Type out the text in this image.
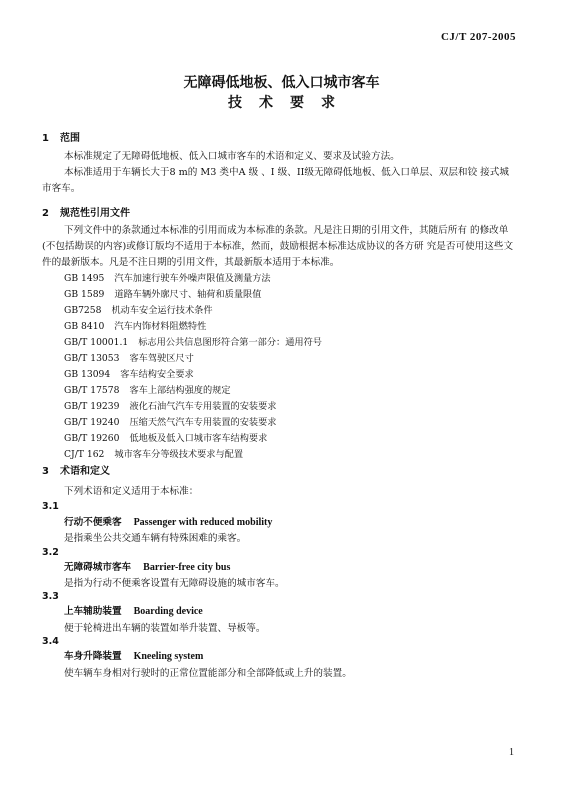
CJ/T 207-2005
无障碍低地板、低入口城市客车
技术要求
1 范围
本标准规定了无障碍低地板、低入口城市客车的术语和定义、要求及试验方法。
本标准适用于车辆长大于8 m的 M3 类中A 级 、I 级、II级无障碍低地板、低入口单层、双层和铰 接式城市客车。
2 规范性引用文件
下列文件中的条款通过本标准的引用而成为本标准的条款。凡是注日期的引用文件，其随后所有 的修改单(不包括勘误的内容)或修订版均不适用于本标准，然而，鼓励根据本标准达成协议的各方研 究是否可使用这些文件的最新版本。凡是不注日期的引用文件，其最新版本适用于本标准。
GB 1495 汽车加速行驶车外噪声限值及测量方法
GB 1589 道路车辆外廓尺寸、轴荷和质量限值
GB7258 机动车安全运行技术条件
GB 8410 汽车内饰材料阻燃特性
GB/T 10001.1 标志用公共信息图形符合第一部分：通用符号
GB/T 13053 客车驾驶区尺寸
GB 13094 客车结构安全要求
GB/T 17578 客车上部结构强度的规定
GB/T 19239 液化石油气汽车专用装置的安装要求
GB/T 19240 压缩天然气汽车专用装置的安装要求
GB/T 19260 低地板及低入口城市客车结构要求
CJ/T 162 城市客车分等级技术要求与配置
3 术语和定义
下列术语和定义适用于本标准：
3.1
行动不便乘客 Passenger with reduced mobility
是指乘坐公共交通车辆有特殊困难的乘客。
3.2
无障碍城市客车 Barrier-free city bus
是指为行动不便乘客设置有无障碍设施的城市客车。
3.3
上车辅助装置 Boarding device
便于轮椅进出车辆的装置如举升装置、导板等。
3.4
车身升降装置 Kneeling system
使车辆车身相对行驶时的正常位置能部分和全部降低或上升的装置。
1
